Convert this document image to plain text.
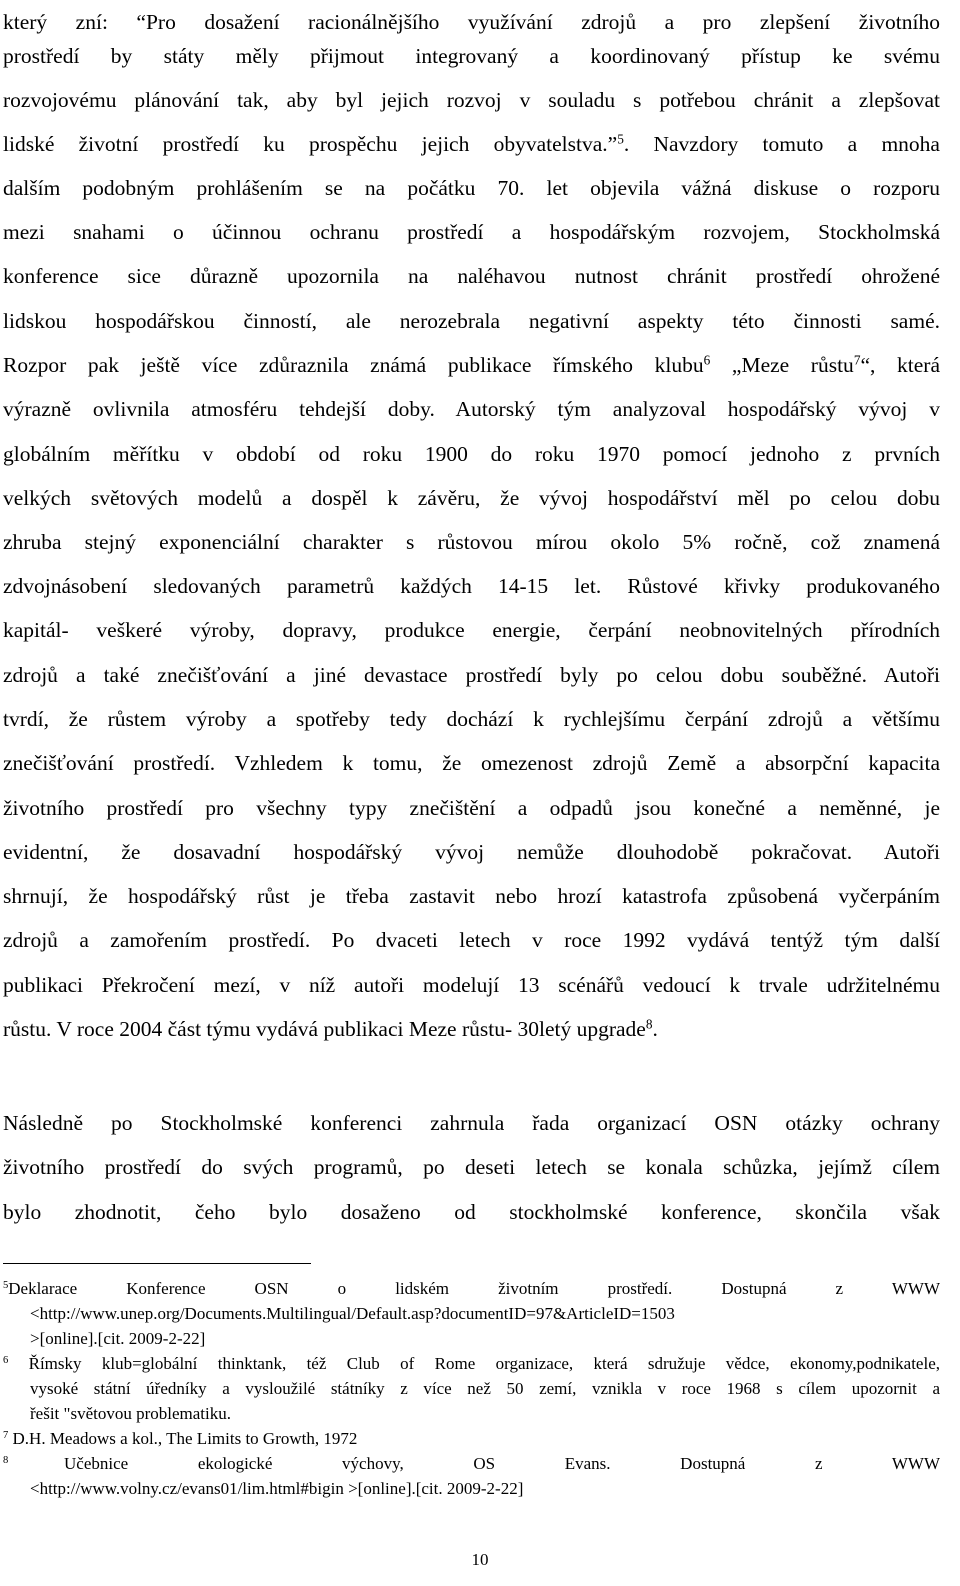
který zní: “Pro dosažení racionálnějšího využívání zdrojů a pro zlepšení životního
prostředí by státy měly přijmout integrovaný a koordinovaný přístup ke svému
rozvojovému plánování tak, aby byl jejich rozvoj v souladu s potřebou chránit a zlepšovat
lidské životní prostředí ku prospěchu jejich obyvatelstva.”$^5$. Navzdory tomuto a mnoha
dalším podobným prohlášením se na počátku 70. let objevila vážná diskuse o rozporu
mezi snahami o účinnou ochranu prostředí a hospodářským rozvojem, Stockholmská
konference sice důrazně upozornila na naléhavou nutnost chránit prostředí ohrožené
lidskou hospodářskou činností, ale nerozebrala negativní aspekty této činnosti samé.
Rozpor pak ještě více zdůraznila známá publikace římského klubu$^6$ „Meze růstu$^7$“, která
výrazně ovlivnila atmosféru tehdejší doby. Autorský tým analyzoval hospodářský vývoj v
globálním měřítku v období od roku 1900 do roku 1970 pomocí jednoho z prvních
velkých světových modelů a dospěl k závěru, že vývoj hospodářství měl po celou dobu
zhruba stejný exponenciální charakter s růstovou mírou okolo 5% ročně, což znamená
zdvojnásobení sledovaných parametrů každých 14-15 let. Růstové křivky produkovaného
kapitál- veškeré výroby, dopravy, produkce energie, čerpání neobnovitelných přírodních
zdrojů a také znečišťování a jiné devastace prostředí byly po celou dobu souběžné. Autoři
tvrdí, že růstem výroby a spotřeby tedy dochází k rychlejšímu čerpání zdrojů a většímu
znečišťování prostředí. Vzhledem k tomu, že omezenost zdrojů Země a absorpční kapacita
životního prostředí pro všechny typy znečištění a odpadů jsou konečné a neměnné, je
evidentní, že dosavadní hospodářský vývoj nemůže dlouhodobě pokračovat. Autoři
shrnují, že hospodářský růst je třeba zastavit nebo hrozí katastrofa způsobená vyčerpáním
zdrojů a zamořením prostředí. Po dvaceti letech v roce 1992 vydává tentýž tým další
publikaci Překročení mezí, v níž autoři modelují 13 scénářů vedoucí k trvale udržitelnému
růstu. V roce 2004 část týmu vydává publikaci Meze růstu- 30letý upgrade$^8$.
Následně po Stockholmské konferenci zahrnula řada organizací OSN otázky ochrany
životního prostředí do svých programů, po deseti letech se konala schůzka, jejímž cílem
bylo zhodnotit, čeho bylo dosaženo od stockholmské konference, skončila však
$^5$Deklarace Konference OSN o lidském životním prostředí. Dostupná z WWW
<http://www.unep.org/Documents.Multilingual/Default.asp?documentID=97&ArticleID=1503
>[online].[cit. 2009-2-22]
$^6$ Římsky klub=globální thinktank, též Club of Rome organizace, která sdružuje vědce, ekonomy,podnikatele,
vysoké státní úředníky a vysloužilé státníky z více než 50 zemí, vznikla v roce 1968 s cílem upozornit a
řešit "světovou problematiku.
$^7$ D.H. Meadows a kol., The Limits to Growth, 1972
$^8$	Učebnice ekologické výchovy, OS Evans. Dostupná z WWW
<http://www.volny.cz/evans01/lim.html#bigin >[online].[cit. 2009-2-22]
10
